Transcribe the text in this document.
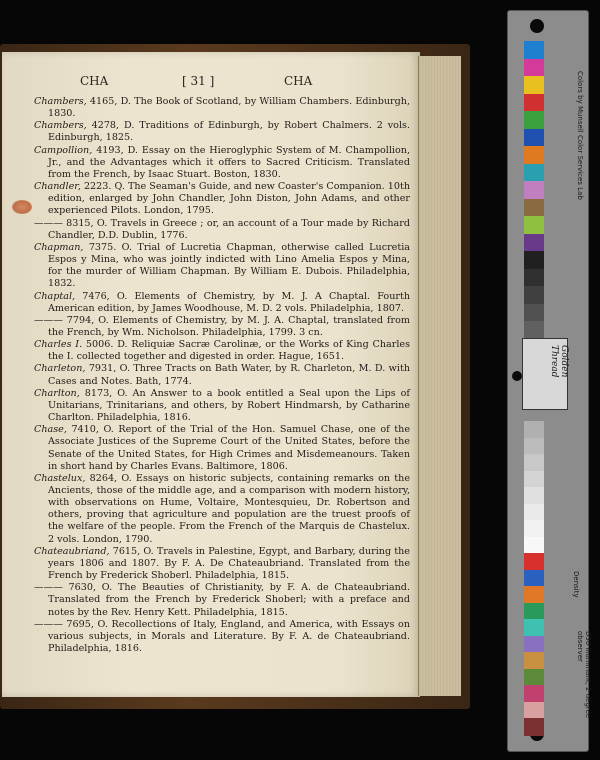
CHA	[ 31 ]	CHA

Chambers, 4165, D. The Book of Scotland, by William Chambers. Edinburgh, 1830.

Chambers, 4278, D. Traditions of Edinburgh, by Robert Chalmers. 2 vols. Edinburgh, 1825.

Campollion, 4193, D. Essay on the Hieroglyphic System of M. Champollion, Jr., and the Advantages which it offers to Sacred Criticism. Translated from the French, by Isaac Stuart. Boston, 1830.

Chandler, 2223. Q. The Seaman's Guide, and new Coaster's Companion. 10th edition, enlarged by John Chandler, John Diston, John Adams, and other experienced Pilots. London, 1795.

——— 8315, O. Travels in Greece ; or, an account of a Tour made by Richard Chandler, D.D. Dublin, 1776.

Chapman, 7375. O. Trial of Lucretia Chapman, otherwise called Lucretia Espos y Mina, who was jointly indicted with Lino Amelia Espos y Mina, for the murder of William Chapman. By William E. Dubois. Philadelphia, 1832.

Chaptal, 7476, O. Elements of Chemistry, by M. J. A Chaptal. Fourth American edition, by James Woodhouse, M. D. 2 vols. Philadelphia, 1807.

——— 7794, O. Elements of Chemistry, by M. J. A. Chaptal, translated from the French, by Wm. Nicholson. Philadelphia, 1799. 3 cn.

Charles I. 5006. D. Reliquiæ Sacræ Carolinæ, or the Works of King Charles the I. collected together and digested in order. Hague, 1651.

Charleton, 7931, O. Three Tracts on Bath Water, by R. Charleton, M. D. with Cases and Notes. Bath, 1774.

Charlton, 8173, O. An Answer to a book entitled a Seal upon the Lips of Unitarians, Trinitarians, and others, by Robert Hindmarsh, by Catharine Charlton. Philadelphia, 1816.

Chase, 7410, O. Report of the Trial of the Hon. Samuel Chase, one of the Associate Justices of the Supreme Court of the United States, before the Senate of the United States, for High Crimes and Misdemeanours. Taken in short hand by Charles Evans. Baltimore, 1806.

Chastelux, 8264, O. Essays on historic subjects, containing remarks on the Ancients, those of the middle age, and a comparison with modern history, with observations on Hume, Voltaire, Montesquieu, Dr. Robertson and others, proving that agriculture and population are the truest proofs of the welfare of the people. From the French of the Marquis de Chastelux. 2 vols. London, 1790.

Chateaubriand, 7615, O. Travels in Palestine, Egypt, and Barbary, during the years 1806 and 1807. By F. A. De Chateaubriand. Translated from the French by Frederick Shoberl. Philadelphia, 1815.

——— 7630, O. The Beauties of Christianity, by F. A. de Chateaubriand. Translated from the French by Frederick Shoberl; with a preface and notes by the Rev. Henry Kett. Philadelphia, 1815.

——— 7695, O. Recollections of Italy, England, and America, with Essays on various subjects, in Morals and Literature. By F. A. de Chateaubriand. Philadelphia, 1816.

Colors by Munsell Color Services Lab
Density
D50 Illuminant, 2 degree observer
Golden Thread
